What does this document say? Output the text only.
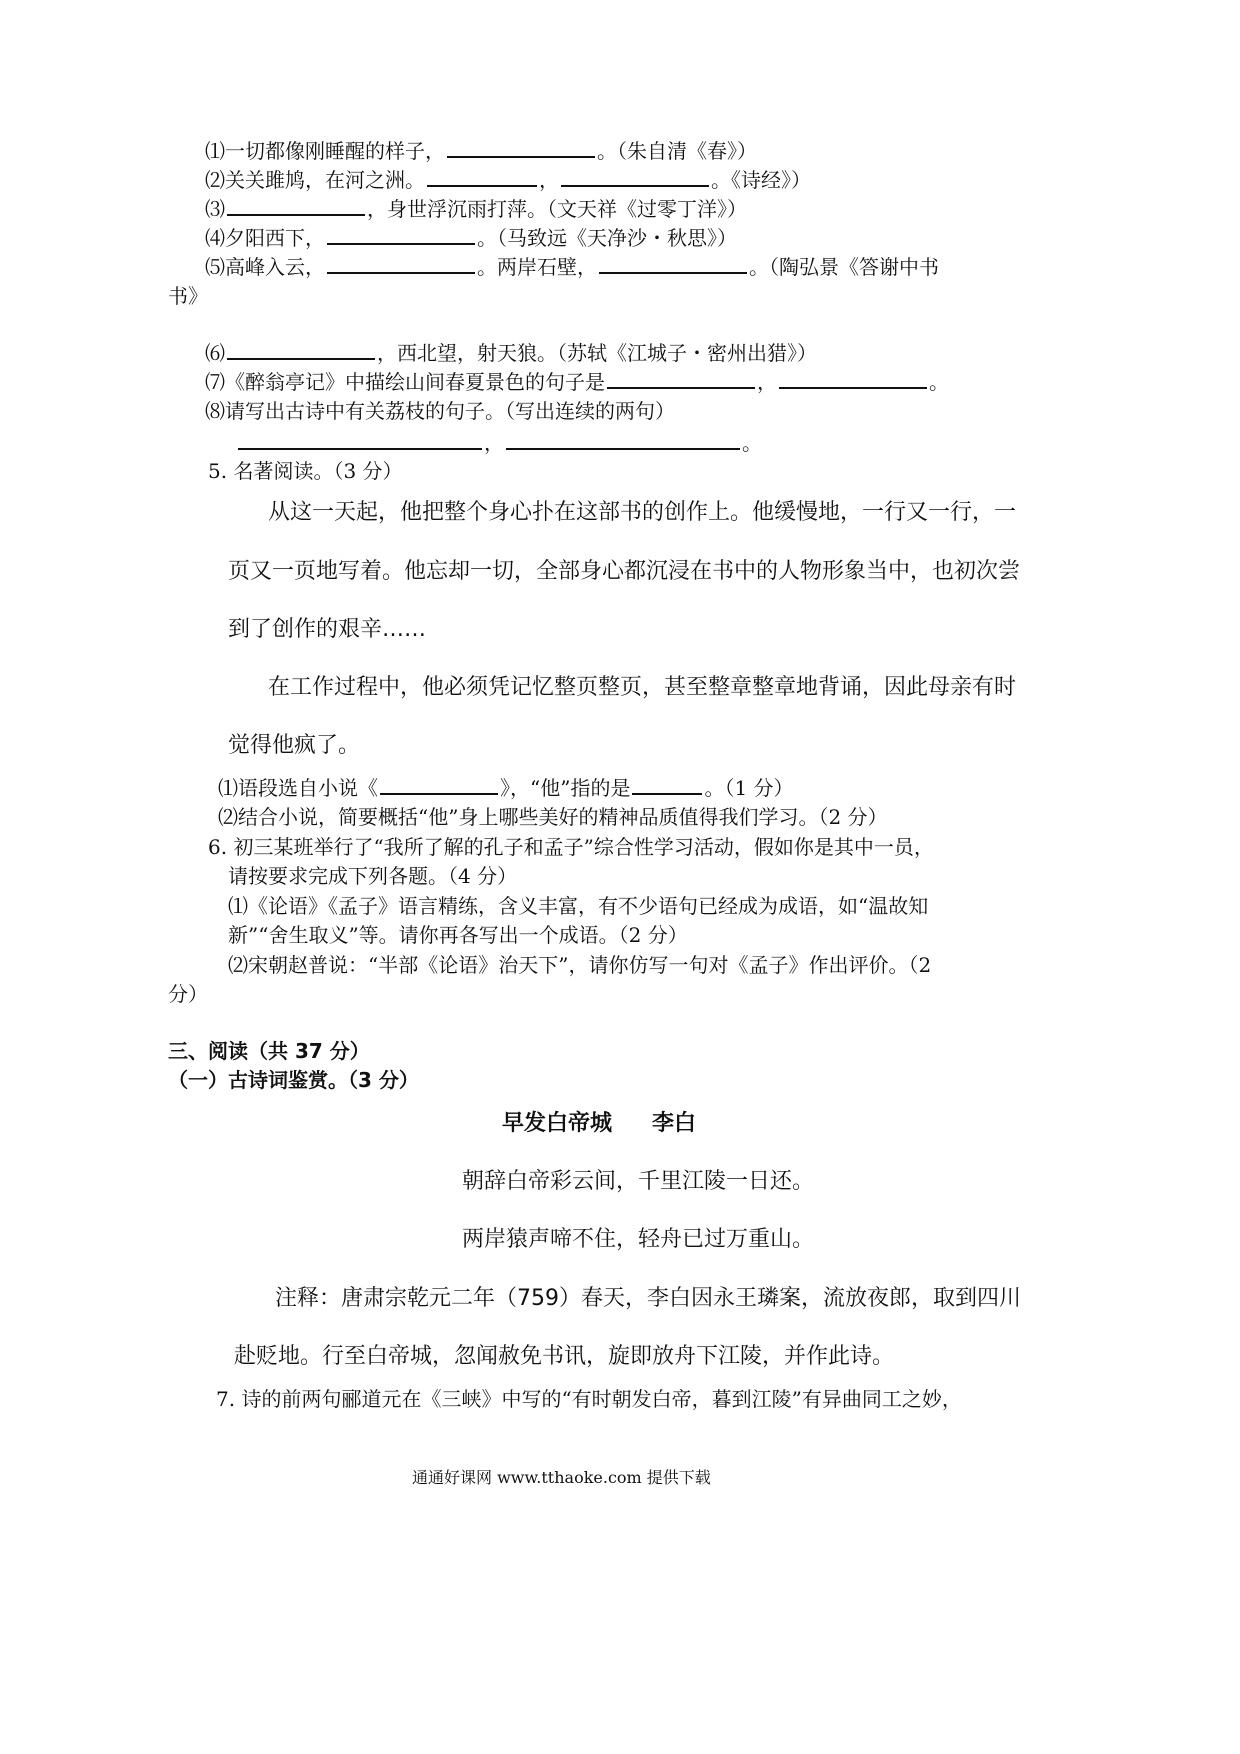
⑴一切都像刚睡醒的样子，	。（朱自清《春》）
⑵关关雎鸠，在河之洲。	，	。《诗经》）
⑶	，身世浮沉雨打萍。（文天祥《过零丁洋》）
⑷夕阳西下，	。（马致远《天净沙・秋思》）
⑸高峰入云，	。两岸石壁，	。（陶弘景《答谢中书
书》
⑹	，西北望，射天狼。（苏轼《江城子・密州出猎》）
⑺《醉翁亭记》中描绘山间春夏景色的句子是	，	。
⑻请写出古诗中有关荔枝的句子。（写出连续的两句）
，	。
5. 名著阅读。（3 分）
从这一天起，他把整个身心扑在这部书的创作上。他缓慢地，一行又一行，一
页又一页地写着。他忘却一切，全部身心都沉浸在书中的人物形象当中，也初次尝
到了创作的艰辛……
在工作过程中，他必须凭记忆整页整页，甚至整章整章地背诵，因此母亲有时
觉得他疯了。
⑴语段选自小说《	》，“他”指的是	。（1 分）
⑵结合小说，简要概括“他”身上哪些美好的精神品质值得我们学习。（2 分）
6. 初三某班举行了“我所了解的孔子和孟子”综合性学习活动，假如你是其中一员，
请按要求完成下列各题。（4 分）
⑴《论语》《孟子》语言精练，含义丰富，有不少语句已经成为成语，如“温故知
新”“舍生取义”等。请你再各写出一个成语。（2 分）
⑵宋朝赵普说：“半部《论语》治天下”，请你仿写一句对《孟子》作出评价。（2
分）
三、阅读（共 37 分）
（一）古诗词鉴赏。（3 分）
早发白帝城 李白
朝辞白帝彩云间，千里江陵一日还。
两岸猿声啼不住，轻舟已过万重山。
注释：唐肃宗乾元二年（759）春天，李白因永王璘案，流放夜郎，取到四川
赴贬地。行至白帝城，忽闻赦免书讯，旋即放舟下江陵，并作此诗。
7. 诗的前两句郦道元在《三峡》中写的“有时朝发白帝，暮到江陵”有异曲同工之妙，
通通好课网 www.tthaoke.com 提供下载
